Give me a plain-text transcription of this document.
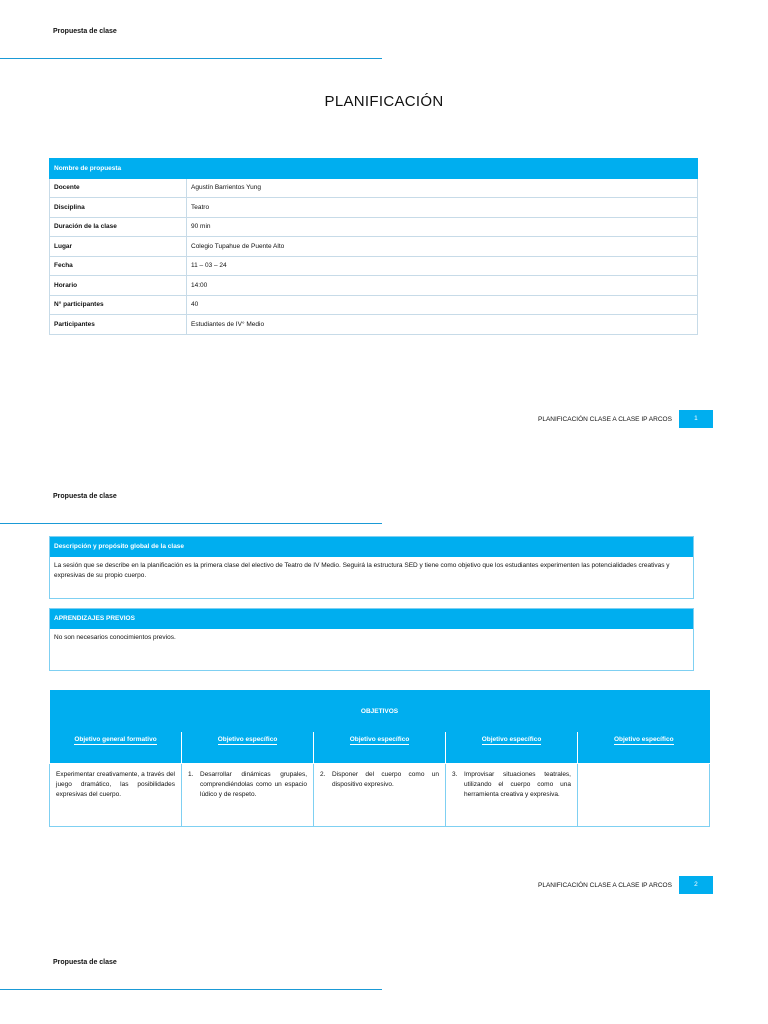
Propuesta de clase
PLANIFICACIÓN
Nombre de propuesta	
Docente	Agustín Barrientos Yung
Disciplina	Teatro
Duración de la clase	90 min
Lugar	Colegio Tupahue de Puente Alto
Fecha	11 – 03 – 24
Horario	14:00
N° participantes	40
Participantes	Estudiantes de IV° Medio
PLANIFICACIÓN CLASE A CLASE IP ARCOS	1
Propuesta de clase
Descripción y propósito global de la clase
La sesión que se describe en la planificación es la primera clase del electivo de Teatro de IV Medio. Seguirá la estructura SED y tiene como objetivo que los estudiantes experimenten las potencialidades creativas y expresivas de su propio cuerpo.
APRENDIZAJES PREVIOS
No son necesarios conocimientos previos.
OBJETIVOS				
Objetivo general formativo	Objetivo específico	Objetivo específico	Objetivo específico	Objetivo específico
Experimentar creativamente, a través del juego dramático, las posibilidades expresivas del cuerpo.	1. Desarrollar dinámicas grupales, comprendiéndolas como un espacio lúdico y de respeto.	2. Disponer del cuerpo como un dispositivo expresivo.	3. Improvisar situaciones teatrales, utilizando el cuerpo como una herramienta creativa y expresiva.	

PLANIFICACIÓN CLASE A CLASE IP ARCOS	2
Propuesta de clase
